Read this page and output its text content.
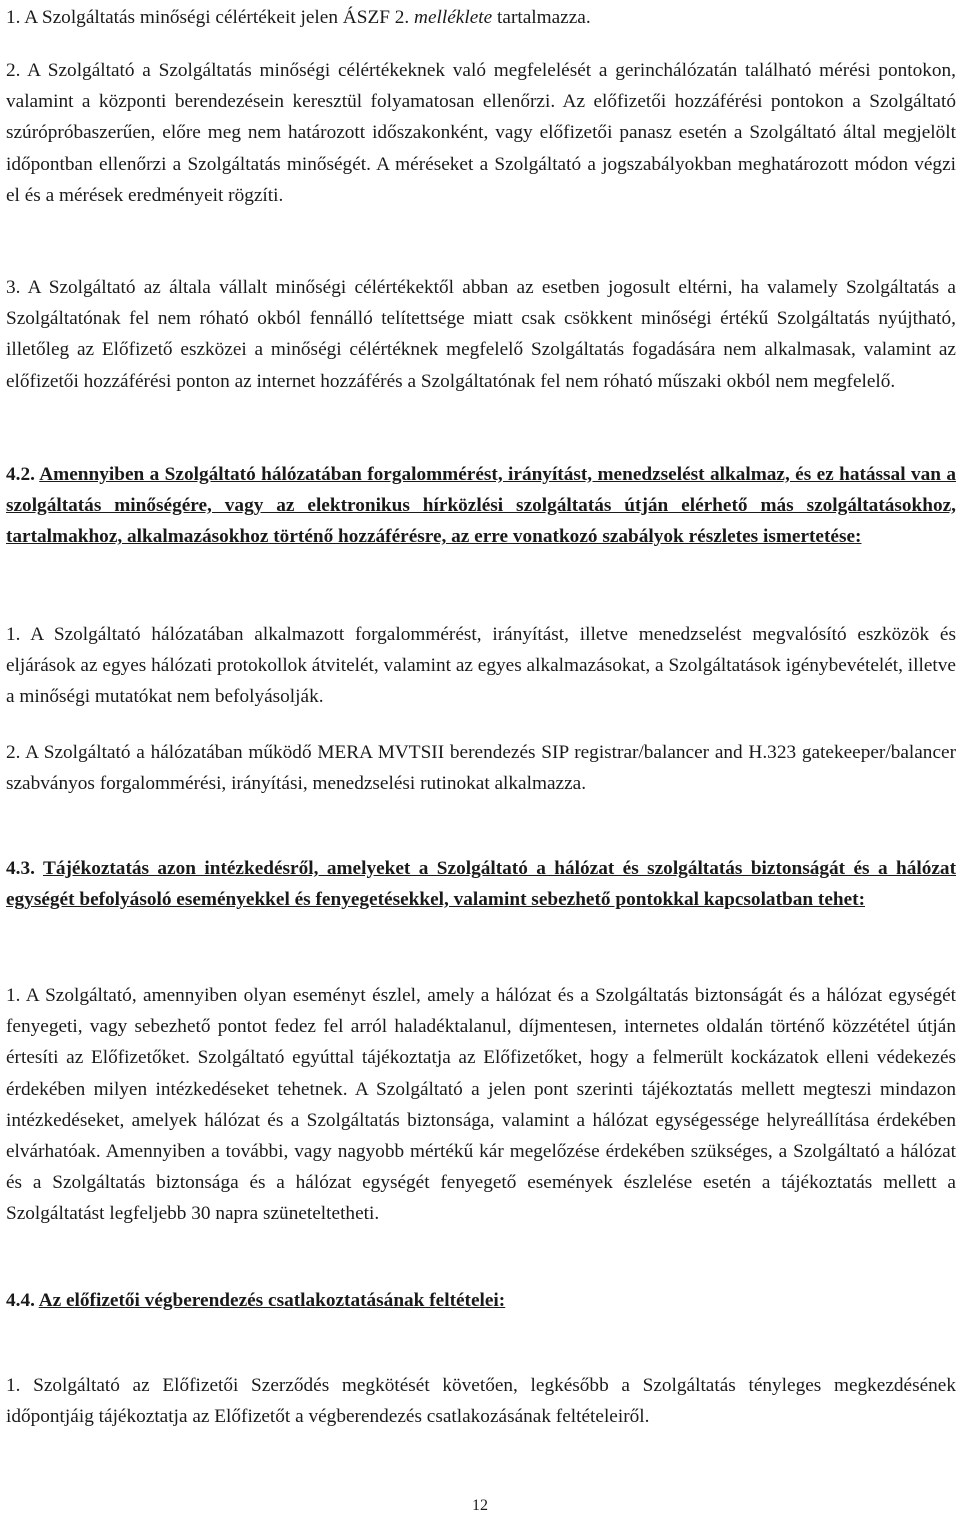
1. A Szolgáltatás minőségi célértékeit jelen ÁSZF 2. melléklete tartalmazza.

2. A Szolgáltató a Szolgáltatás minőségi célértékeknek való megfelelését a gerinchálózatán található mérési pontokon, valamint a központi berendezésein keresztül folyamatosan ellenőrzi. Az előfizetői hozzáférési pontokon a Szolgáltató szúrópróbaszerűen, előre meg nem határozott időszakonként, vagy előfizetői panasz esetén a Szolgáltató által megjelölt időpontban ellenőrzi a Szolgáltatás minőségét. A méréseket a Szolgáltató a jogszabályokban meghatározott módon végzi el és a mérések eredményeit rögzíti.

3. A Szolgáltató az általa vállalt minőségi célértékektől abban az esetben jogosult eltérni, ha valamely Szolgáltatás a Szolgáltatónak fel nem róható okból fennálló telítettsége miatt csak csökkent minőségi értékű Szolgáltatás nyújtható, illetőleg az Előfizető eszközei a minőségi célértéknek megfelelő Szolgáltatás fogadására nem alkalmasak, valamint az előfizetői hozzáférési ponton az internet hozzáférés a Szolgáltatónak fel nem róható műszaki okból nem megfelelő.

4.2. Amennyiben a Szolgáltató hálózatában forgalommérést, irányítást, menedzselést alkalmaz, és ez hatással van a szolgáltatás minőségére, vagy az elektronikus hírközlési szolgáltatás útján elérhető más szolgáltatásokhoz, tartalmakhoz, alkalmazásokhoz történő hozzáférésre, az erre vonatkozó szabályok részletes ismertetése:

1. A Szolgáltató hálózatában alkalmazott forgalommérést, irányítást, illetve menedzselést megvalósító eszközök és eljárások az egyes hálózati protokollok átvitelét, valamint az egyes alkalmazásokat, a Szolgáltatások igénybevételét, illetve a minőségi mutatókat nem befolyásolják.

2. A Szolgáltató a hálózatában működő MERA MVTSII berendezés SIP registrar/balancer and H.323 gatekeeper/balancer szabványos forgalommérési, irányítási, menedzselési rutinokat alkalmazza.

4.3. Tájékoztatás azon intézkedésről, amelyeket a Szolgáltató a hálózat és szolgáltatás biztonságát és a hálózat egységét befolyásoló eseményekkel és fenyegetésekkel, valamint sebezhető pontokkal kapcsolatban tehet:

1. A Szolgáltató, amennyiben olyan eseményt észlel, amely a hálózat és a Szolgáltatás biztonságát és a hálózat egységét fenyegeti, vagy sebezhető pontot fedez fel arról haladéktalanul, díjmentesen, internetes oldalán történő közzététel útján értesíti az Előfizetőket. Szolgáltató egyúttal tájékoztatja az Előfizetőket, hogy a felmerült kockázatok elleni védekezés érdekében milyen intézkedéseket tehetnek. A Szolgáltató a jelen pont szerinti tájékoztatás mellett megteszi mindazon intézkedéseket, amelyek hálózat és a Szolgáltatás biztonsága, valamint a hálózat egységessége helyreállítása érdekében elvárhatóak. Amennyiben a további, vagy nagyobb mértékű kár megelőzése érdekében szükséges, a Szolgáltató a hálózat és a Szolgáltatás biztonsága és a hálózat egységét fenyegető események észlelése esetén a tájékoztatás mellett a Szolgáltatást legfeljebb 30 napra szüneteltetheti.

4.4. Az előfizetői végberendezés csatlakoztatásának feltételei:

1. Szolgáltató az Előfizetői Szerződés megkötését követően, legkésőbb a Szolgáltatás tényleges megkezdésének időpontjáig tájékoztatja az Előfizetőt a végberendezés csatlakozásának feltételeiről.

12
